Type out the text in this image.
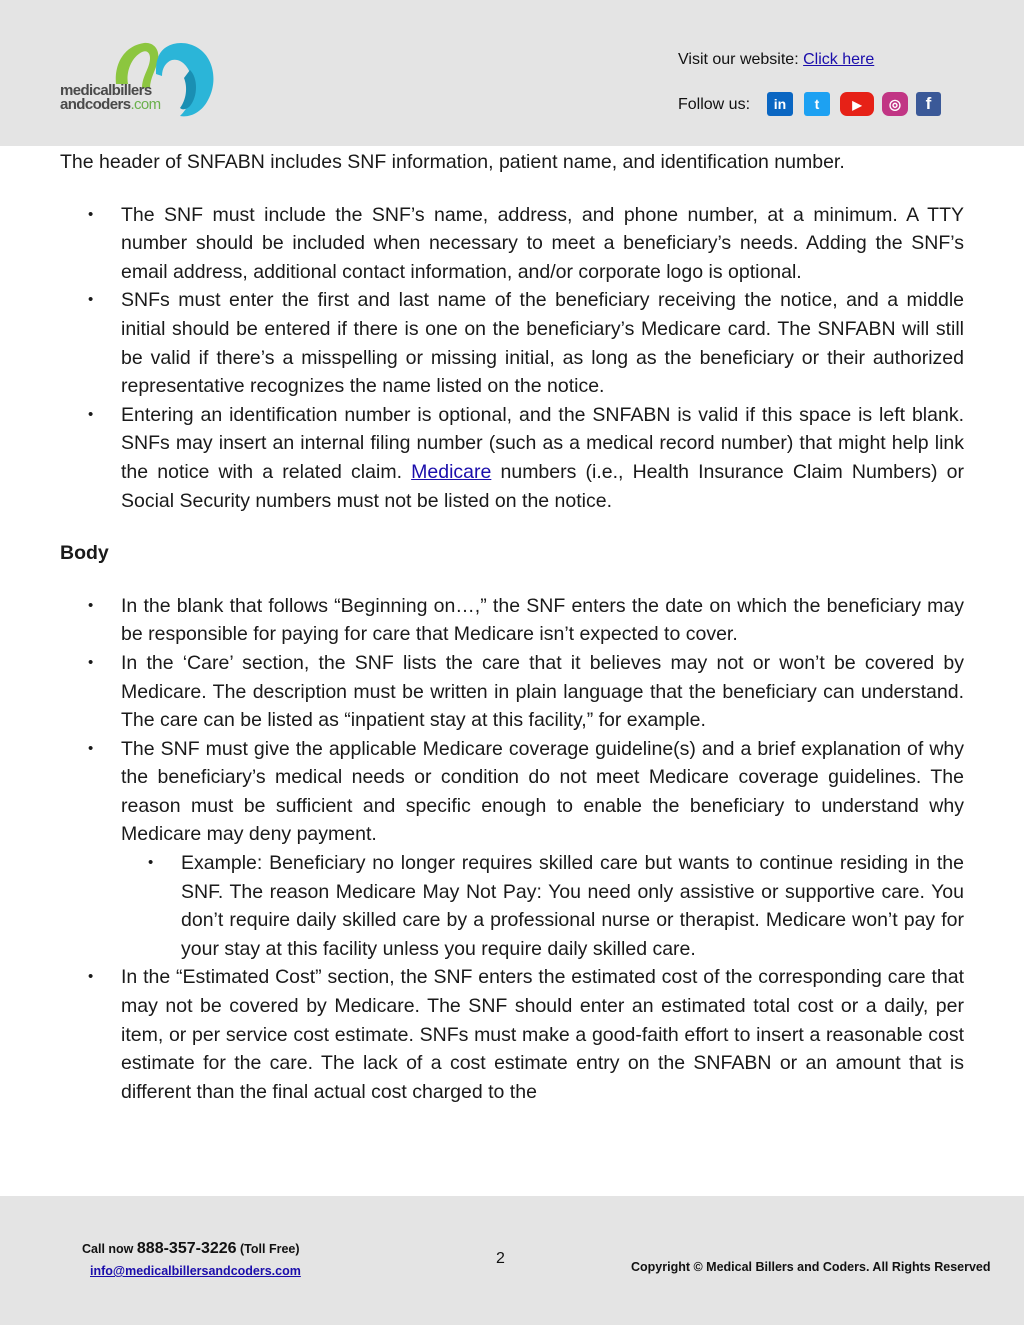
medicalbillers
andcoders.com
Visit our website: Click here
Follow us:	in	t	▶	◎	f

The header of SNFABN includes SNF information, patient name, and identification number.

• The SNF must include the SNF’s name, address, and phone number, at a minimum. A TTY number should be included when necessary to meet a beneficiary’s needs. Adding the SNF’s email address, additional contact information, and/or corporate logo is optional.
• SNFs must enter the first and last name of the beneficiary receiving the notice, and a middle initial should be entered if there is one on the beneficiary’s Medicare card. The SNFABN will still be valid if there’s a misspelling or missing initial, as long as the beneficiary or their authorized representative recognizes the name listed on the notice.
• Entering an identification number is optional, and the SNFABN is valid if this space is left blank. SNFs may insert an internal filing number (such as a medical record number) that might help link the notice with a related claim. Medicare numbers (i.e., Health Insurance Claim Numbers) or Social Security numbers must not be listed on the notice.

Body

• In the blank that follows “Beginning on…,” the SNF enters the date on which the beneficiary may be responsible for paying for care that Medicare isn’t expected to cover.
• In the ‘Care’ section, the SNF lists the care that it believes may not or won’t be covered by Medicare. The description must be written in plain language that the beneficiary can understand. The care can be listed as “inpatient stay at this facility,” for example.
• The SNF must give the applicable Medicare coverage guideline(s) and a brief explanation of why the beneficiary’s medical needs or condition do not meet Medicare coverage guidelines. The reason must be sufficient and specific enough to enable the beneficiary to understand why Medicare may deny payment.
• Example: Beneficiary no longer requires skilled care but wants to continue residing in the SNF. The reason Medicare May Not Pay: You need only assistive or supportive care. You don’t require daily skilled care by a professional nurse or therapist. Medicare won’t pay for your stay at this facility unless you require daily skilled care.
• In the “Estimated Cost” section, the SNF enters the estimated cost of the corresponding care that may not be covered by Medicare. The SNF should enter an estimated total cost or a daily, per item, or per service cost estimate. SNFs must make a good-faith effort to insert a reasonable cost estimate for the care. The lack of a cost estimate entry on the SNFABN or an amount that is different than the final actual cost charged to the
Call now 888-357-3226 (Toll Free)
info@medicalbillersandcoders.com
2	Copyright © Medical Billers and Coders. All Rights Reserved
